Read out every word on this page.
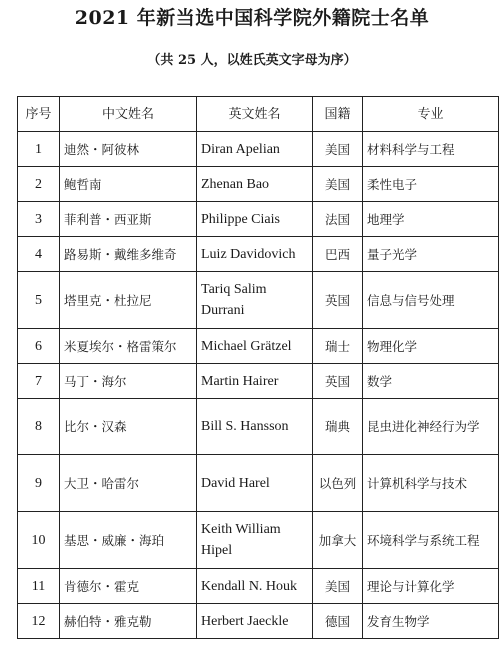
2021 年新当选中国科学院外籍院士名单
（共 25 人，以姓氏英文字母为序）
序号	中文姓名	英文姓名	国籍	专业
1	迪然・阿彼林	Diran Apelian	美国	材料科学与工程
2	鲍哲南	Zhenan Bao	美国	柔性电子
3	菲利普・西亚斯	Philippe Ciais	法国	地理学
4	路易斯・戴维多维奇	Luiz Davidovich	巴西	量子光学
5	塔里克・杜拉尼	Tariq Salim Durrani	英国	信息与信号处理
6	米夏埃尔・格雷策尔	Michael Grätzel	瑞士	物理化学
7	马丁・海尔	Martin Hairer	英国	数学
8	比尔・汉森	Bill S. Hansson	瑞典	昆虫进化神经行为学
9	大卫・哈雷尔	David Harel	以色列	计算机科学与技术
10	基思・威廉・海珀	Keith William Hipel	加拿大	环境科学与系统工程
11	肯德尔・霍克	Kendall N. Houk	美国	理论与计算化学
12	赫伯特・雅克勒	Herbert Jaeckle	德国	发育生物学
